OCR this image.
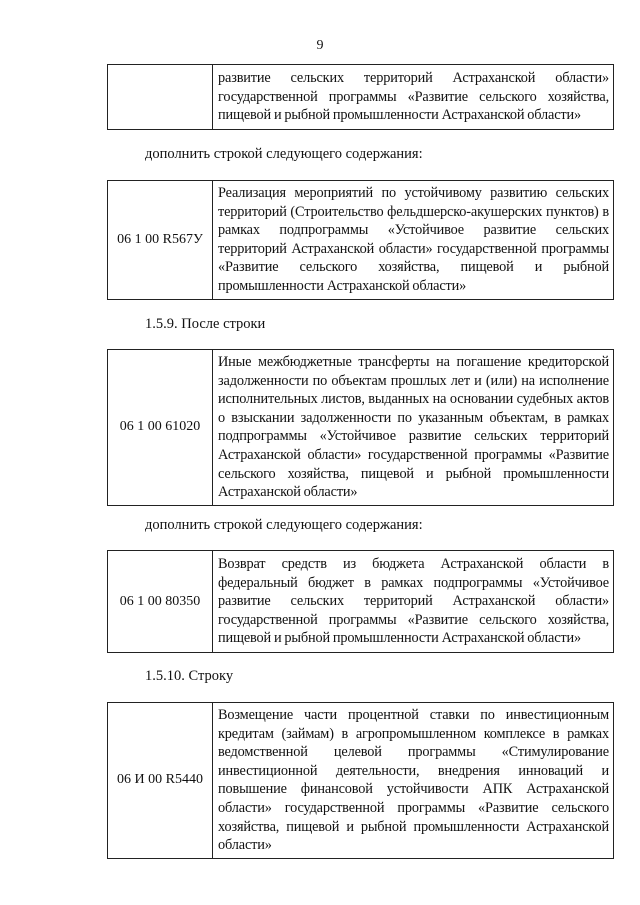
9
	развитие сельских территорий Астраханской области» государственной программы «Развитие сельского хозяйства, пищевой и рыбной промышленности Астраханской области»
дополнить строкой следующего содержания:
06 1 00 R567У	Реализация мероприятий по устойчивому развитию сельских территорий (Строительство фельдшерско-акушерских пунктов) в рамках подпрограммы «Устойчивое развитие сельских территорий Астраханской области» государственной программы «Развитие сельского хозяйства, пищевой и рыбной промышленности Астраханской области»
1.5.9. После строки
06 1 00 61020	Иные межбюджетные трансферты на погашение кредиторской задолженности по объектам прошлых лет и (или) на исполнение исполнительных листов, выданных на основании судебных актов о взыскании задолженности по указанным объектам, в рамках подпрограммы «Устойчивое развитие сельских территорий Астраханской области» государственной программы «Развитие сельского хозяйства, пищевой и рыбной промышленности Астраханской области»
дополнить строкой следующего содержания:
06 1 00 80350	Возврат средств из бюджета Астраханской области в федеральный бюджет в рамках подпрограммы «Устойчивое развитие сельских территорий Астраханской области» государственной программы «Развитие сельского хозяйства, пищевой и рыбной промышленности Астраханской области»
1.5.10. Строку
06 И 00 R5440	Возмещение части процентной ставки по инвестиционным кредитам (займам) в агропромышленном комплексе в рамках ведомственной целевой программы «Стимулирование инвестиционной деятельности, внедрения инноваций и повышение финансовой устойчивости АПК Астраханской области» государственной программы «Развитие сельского хозяйства, пищевой и рыбной промышленности Астраханской области»
